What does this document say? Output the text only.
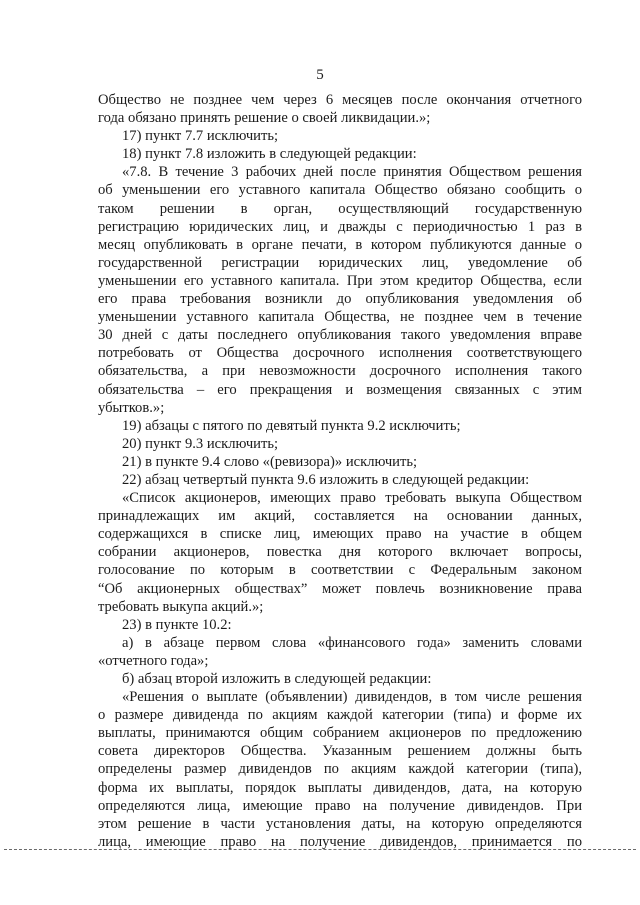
5
Общество не позднее чем через 6 месяцев после окончания отчетного
года обязано принять решение о своей ликвидации.»;
17) пункт 7.7 исключить;
18) пункт 7.8 изложить в следующей редакции:
«7.8. В течение 3 рабочих дней после принятия Обществом решения
об уменьшении его уставного капитала Общество обязано сообщить о
таком решении в орган, осуществляющий государственную
регистрацию юридических лиц, и дважды с периодичностью 1 раз в
месяц опубликовать в органе печати, в котором публикуются данные о
государственной регистрации юридических лиц, уведомление об
уменьшении его уставного капитала. При этом кредитор Общества, если
его права требования возникли до опубликования уведомления об
уменьшении уставного капитала Общества, не позднее чем в течение
30 дней с даты последнего опубликования такого уведомления вправе
потребовать от Общества досрочного исполнения соответствующего
обязательства, а при невозможности досрочного исполнения такого
обязательства – его прекращения и возмещения связанных с этим
убытков.»;
19) абзацы с пятого по девятый пункта 9.2 исключить;
20) пункт 9.3 исключить;
21) в пункте 9.4 слово «(ревизора)» исключить;
22) абзац четвертый пункта 9.6 изложить в следующей редакции:
«Список акционеров, имеющих право требовать выкупа Обществом
принадлежащих им акций, составляется на основании данных,
содержащихся в списке лиц, имеющих право на участие в общем
собрании акционеров, повестка дня которого включает вопросы,
голосование по которым в соответствии с Федеральным законом
“Об акционерных обществах” может повлечь возникновение права
требовать выкупа акций.»;
23) в пункте 10.2:
а) в абзаце первом слова «финансового года» заменить словами
«отчетного года»;
б) абзац второй изложить в следующей редакции:
«Решения о выплате (объявлении) дивидендов, в том числе решения
о размере дивиденда по акциям каждой категории (типа) и форме их
выплаты, принимаются общим собранием акционеров по предложению
совета директоров Общества. Указанным решением должны быть
определены размер дивидендов по акциям каждой категории (типа),
форма их выплаты, порядок выплаты дивидендов, дата, на которую
определяются лица, имеющие право на получение дивидендов. При
этом решение в части установления даты, на которую определяются
лица, имеющие право на получение дивидендов, принимается по
